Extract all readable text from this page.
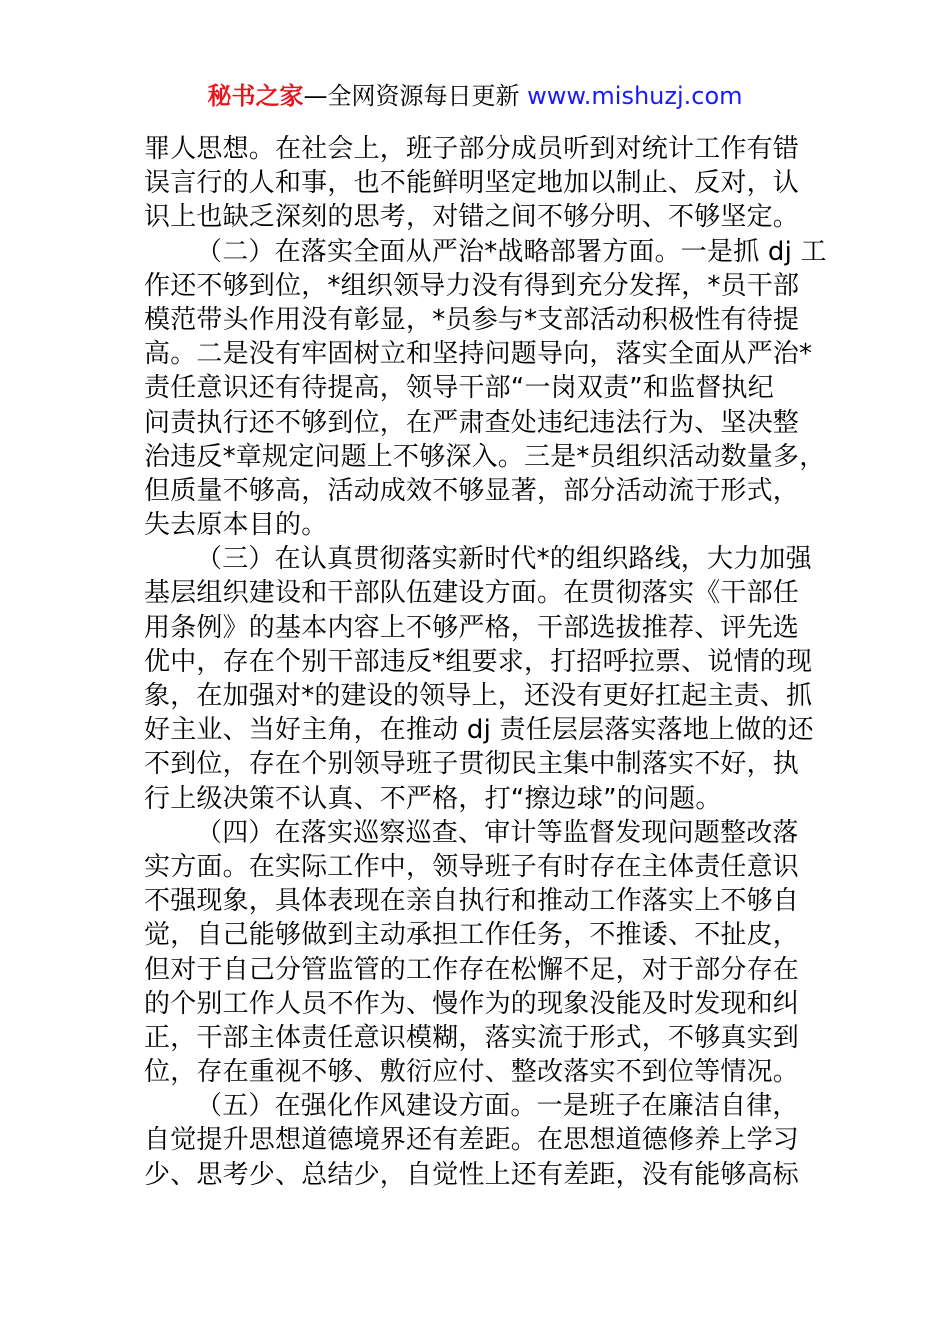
秘书之家—全网资源每日更新 www.mishuzj.com
罪人思想。在社会上，班子部分成员听到对统计工作有错
误言行的人和事，也不能鲜明坚定地加以制止、反对，认
识上也缺乏深刻的思考，对错之间不够分明、不够坚定。
（二）在落实全面从严治*战略部署方面。一是抓 dj 工
作还不够到位，*组织领导力没有得到充分发挥，*员干部
模范带头作用没有彰显，*员参与*支部活动积极性有待提
高。二是没有牢固树立和坚持问题导向，落实全面从严治*
责任意识还有待提高，领导干部“一岗双责”和监督执纪
问责执行还不够到位，在严肃查处违纪违法行为、坚决整
治违反*章规定问题上不够深入。三是*员组织活动数量多，
但质量不够高，活动成效不够显著，部分活动流于形式，
失去原本目的。
（三）在认真贯彻落实新时代*的组织路线，大力加强
基层组织建设和干部队伍建设方面。在贯彻落实《干部任
用条例》的基本内容上不够严格，干部选拔推荐、评先选
优中，存在个别干部违反*组要求，打招呼拉票、说情的现
象，在加强对*的建设的领导上，还没有更好扛起主责、抓
好主业、当好主角，在推动 dj 责任层层落实落地上做的还
不到位，存在个别领导班子贯彻民主集中制落实不好，执
行上级决策不认真、不严格，打“擦边球”的问题。
（四）在落实巡察巡查、审计等监督发现问题整改落
实方面。在实际工作中，领导班子有时存在主体责任意识
不强现象，具体表现在亲自执行和推动工作落实上不够自
觉，自己能够做到主动承担工作任务，不推诿、不扯皮，
但对于自己分管监管的工作存在松懈不足，对于部分存在
的个别工作人员不作为、慢作为的现象没能及时发现和纠
正，干部主体责任意识模糊，落实流于形式，不够真实到
位，存在重视不够、敷衍应付、整改落实不到位等情况。
（五）在强化作风建设方面。一是班子在廉洁自律，
自觉提升思想道德境界还有差距。在思想道德修养上学习
少、思考少、总结少，自觉性上还有差距，没有能够高标
